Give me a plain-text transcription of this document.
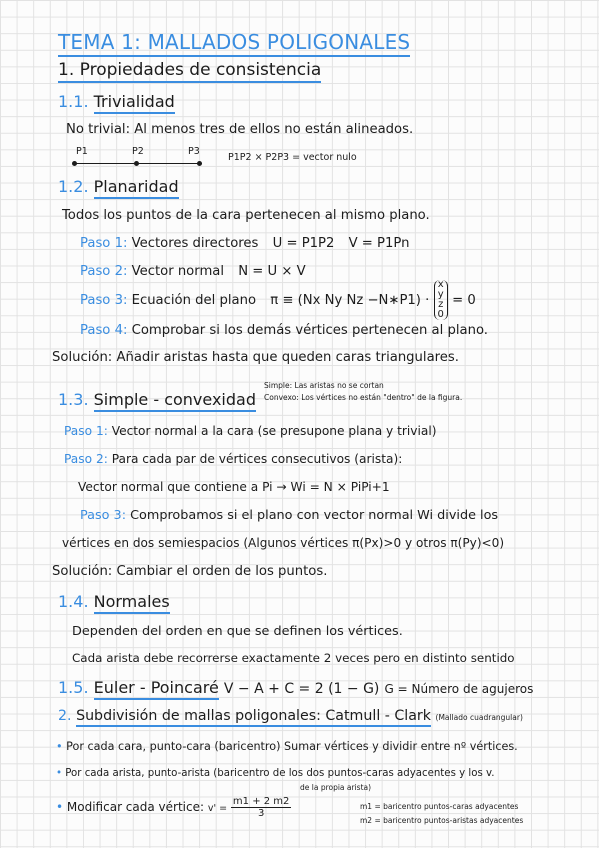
TEMA 1: MALLADOS POLIGONALES
1. Propiedades de consistencia
1.1. Trivialidad
No trivial: Al menos tres de ellos no están alineados.
P1	P2	P3
P1P2 × P2P3 = vector nulo
1.2. Planaridad
Todos los puntos de la cara pertenecen al mismo plano.
Paso 1: Vectores directores U = P1P2 V = P1Pn
Paso 2: Vector normal N = U × V
Paso 3: Ecuación del plano π ≡ (Nx Ny Nz −N∗P1) ·
x
y
z
0
= 0
Paso 4: Comprobar si los demás vértices pertenecen al plano.
Solución: Añadir aristas hasta que queden caras triangulares.
1.3. Simple - convexidad
Simple: Las aristas no se cortan
Convexo: Los vértices no están "dentro" de la figura.
Paso 1: Vector normal a la cara (se presupone plana y trivial)
Paso 2: Para cada par de vértices consecutivos (arista):
Vector normal que contiene a Pi → Wi = N × PiPi+1
Paso 3: Comprobamos si el plano con vector normal Wi divide los
vértices en dos semiespacios (Algunos vértices π(Px)>0 y otros π(Py)<0)
Solución: Cambiar el orden de los puntos.
1.4. Normales
Dependen del orden en que se definen los vértices.
Cada arista debe recorrerse exactamente 2 veces pero en distinto sentido
1.5. Euler - Poincaré V − A + C = 2 (1 − G) G = Número de agujeros
2. Subdivisión de mallas poligonales: Catmull - Clark (Mallado cuadrangular)
• Por cada cara, punto-cara (baricentro) Sumar vértices y dividir entre nº vértices.
• Por cada arista, punto-arista (baricentro de los dos puntos-caras adyacentes y los v.
de la propia arista)
• Modificar cada vértice: $v' = \frac{m1 + 2 m2}{3}$	m1 = baricentro puntos-caras adyacentes
m2 = baricentro puntos-aristas adyacentes
